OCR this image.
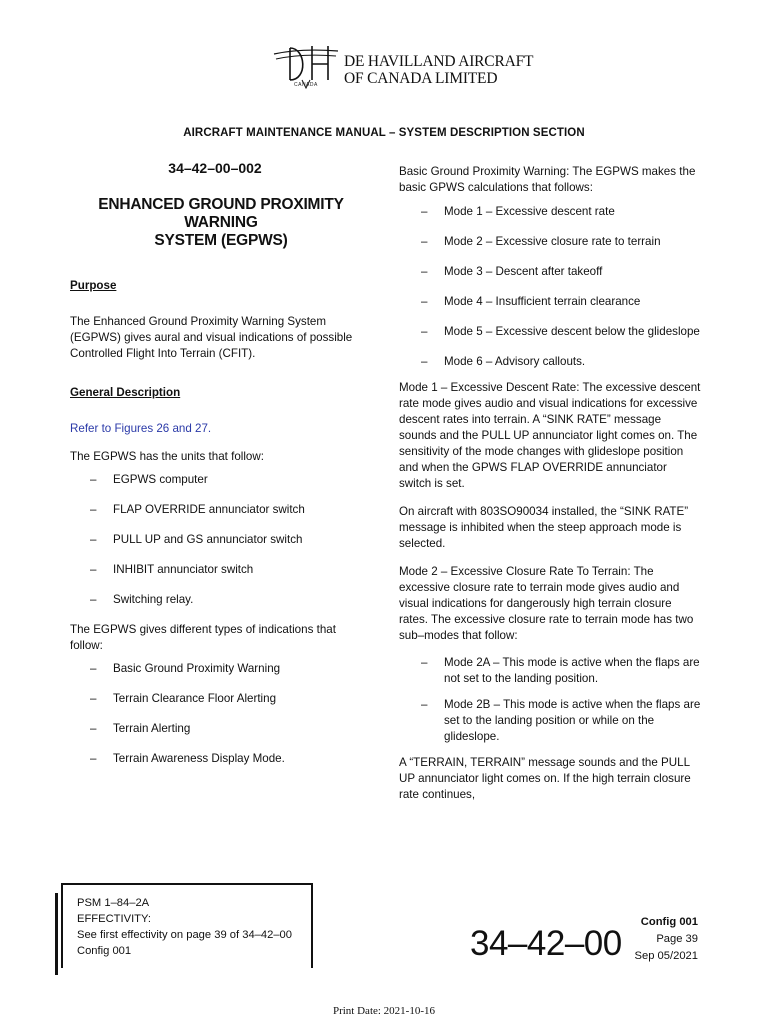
DE HAVILLAND AIRCRAFT
OF CANADA LIMITED
CANADA
AIRCRAFT MAINTENANCE MANUAL – SYSTEM DESCRIPTION SECTION
34–42–00–002
ENHANCED GROUND PROXIMITY WARNING
SYSTEM (EGPWS)
Purpose
The Enhanced Ground Proximity Warning System (EGPWS) gives aural and visual indications of possible Controlled Flight Into Terrain (CFIT).
General Description
Refer to Figures 26 and 27.
The EGPWS has the units that follow:
– EGPWS computer
– FLAP OVERRIDE annunciator switch
– PULL UP and GS annunciator switch
– INHIBIT annunciator switch
– Switching relay.
The EGPWS gives different types of indications that follow:
– Basic Ground Proximity Warning
– Terrain Clearance Floor Alerting
– Terrain Alerting
– Terrain Awareness Display Mode.

Basic Ground Proximity Warning: The EGPWS makes the basic GPWS calculations that follows:

– Mode 1 – Excessive descent rate
– Mode 2 – Excessive closure rate to terrain
– Mode 3 – Descent after takeoff
– Mode 4 – Insufficient terrain clearance
– Mode 5 – Excessive descent below the glideslope
– Mode 6 – Advisory callouts.

Mode 1 – Excessive Descent Rate: The excessive descent rate mode gives audio and visual indications for excessive descent rates into terrain. A “SINK RATE” message sounds and the PULL UP annunciator light comes on. The sensitivity of the mode changes with glideslope position and when the GPWS FLAP OVERRIDE annunciator switch is set.

On aircraft with 803SO90034 installed, the “SINK RATE” message is inhibited when the steep approach mode is selected.

Mode 2 – Excessive Closure Rate To Terrain: The excessive closure rate to terrain mode gives audio and visual indications for dangerously high terrain closure rates. The excessive closure rate to terrain mode has two sub–modes that follow:

– Mode 2A – This mode is active when the flaps are not set to the landing position.
– Mode 2B – This mode is active when the flaps are set to the landing position or while on the glideslope.

A “TERRAIN, TERRAIN” message sounds and the PULL UP annunciator light comes on. If the high terrain closure rate continues,

PSM 1–84–2A
EFFECTIVITY:
See first effectivity on page 39 of 34–42–00
Config 001	34–42–00
Config 001
Page 39
Sep 05/2021
Print Date: 2021-10-16
